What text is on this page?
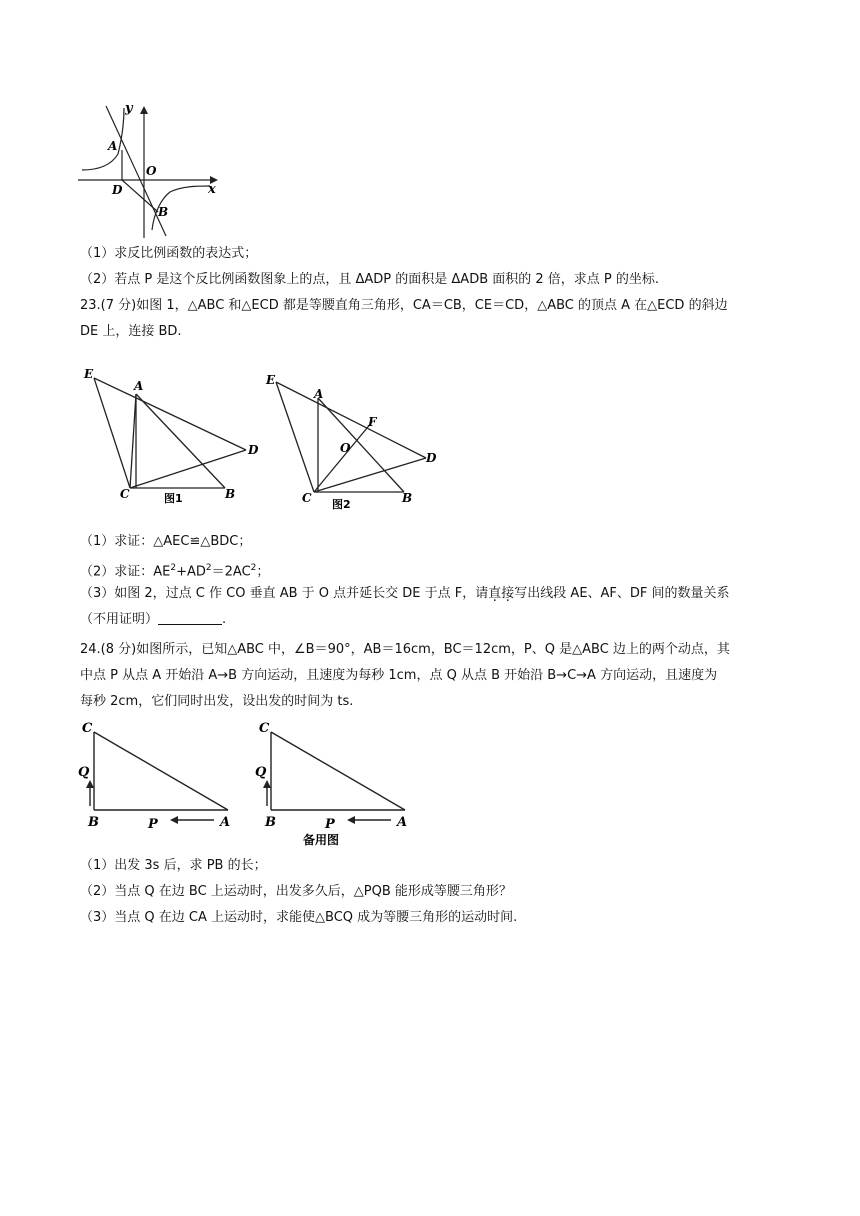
y
x
O
A
D
B
（1）求反比例函数的表达式；
（2）若点 P 是这个反比例函数图象上的点，且 ΔADP 的面积是 ΔADB 面积的 2 倍，求点 P 的坐标.
23.(7 分)如图 1，△ABC 和△ECD 都是等腰直角三角形，CA＝CB，CE＝CD，△ABC 的顶点 A 在△ECD 的斜边
DE 上，连接 BD.
E
A
D
C	B
图1
E
A
F
O
D
C	B
图2
（1）求证：△AEC≌△BDC；
（2）求证：$AE^2+AD^2=2AC^2$；
（3）如图 2，过点 C 作 CO 垂直 AB 于 O 点并延长交 DE 于点 F，请直接写出线段 AE、AF、DF 间的数量关系
（不用证明）	.
24.(8 分)如图所示，已知△ABC 中，∠B＝90°，AB＝16cm，BC＝12cm，P、Q 是△ABC 边上的两个动点，其
中点 P 从点 A 开始沿 A→B 方向运动，且速度为每秒 1cm，点 Q 从点 B 开始沿 B→C→A 方向运动，且速度为
每秒 2cm，它们同时出发，设出发的时间为 ts.
C
Q
B	P	A
C
Q
B	P	A
备用图
（1）出发 3s 后，求 PB 的长；
（2）当点 Q 在边 BC 上运动时，出发多久后，△PQB 能形成等腰三角形？
（3）当点 Q 在边 CA 上运动时，求能使△BCQ 成为等腰三角形的运动时间.
